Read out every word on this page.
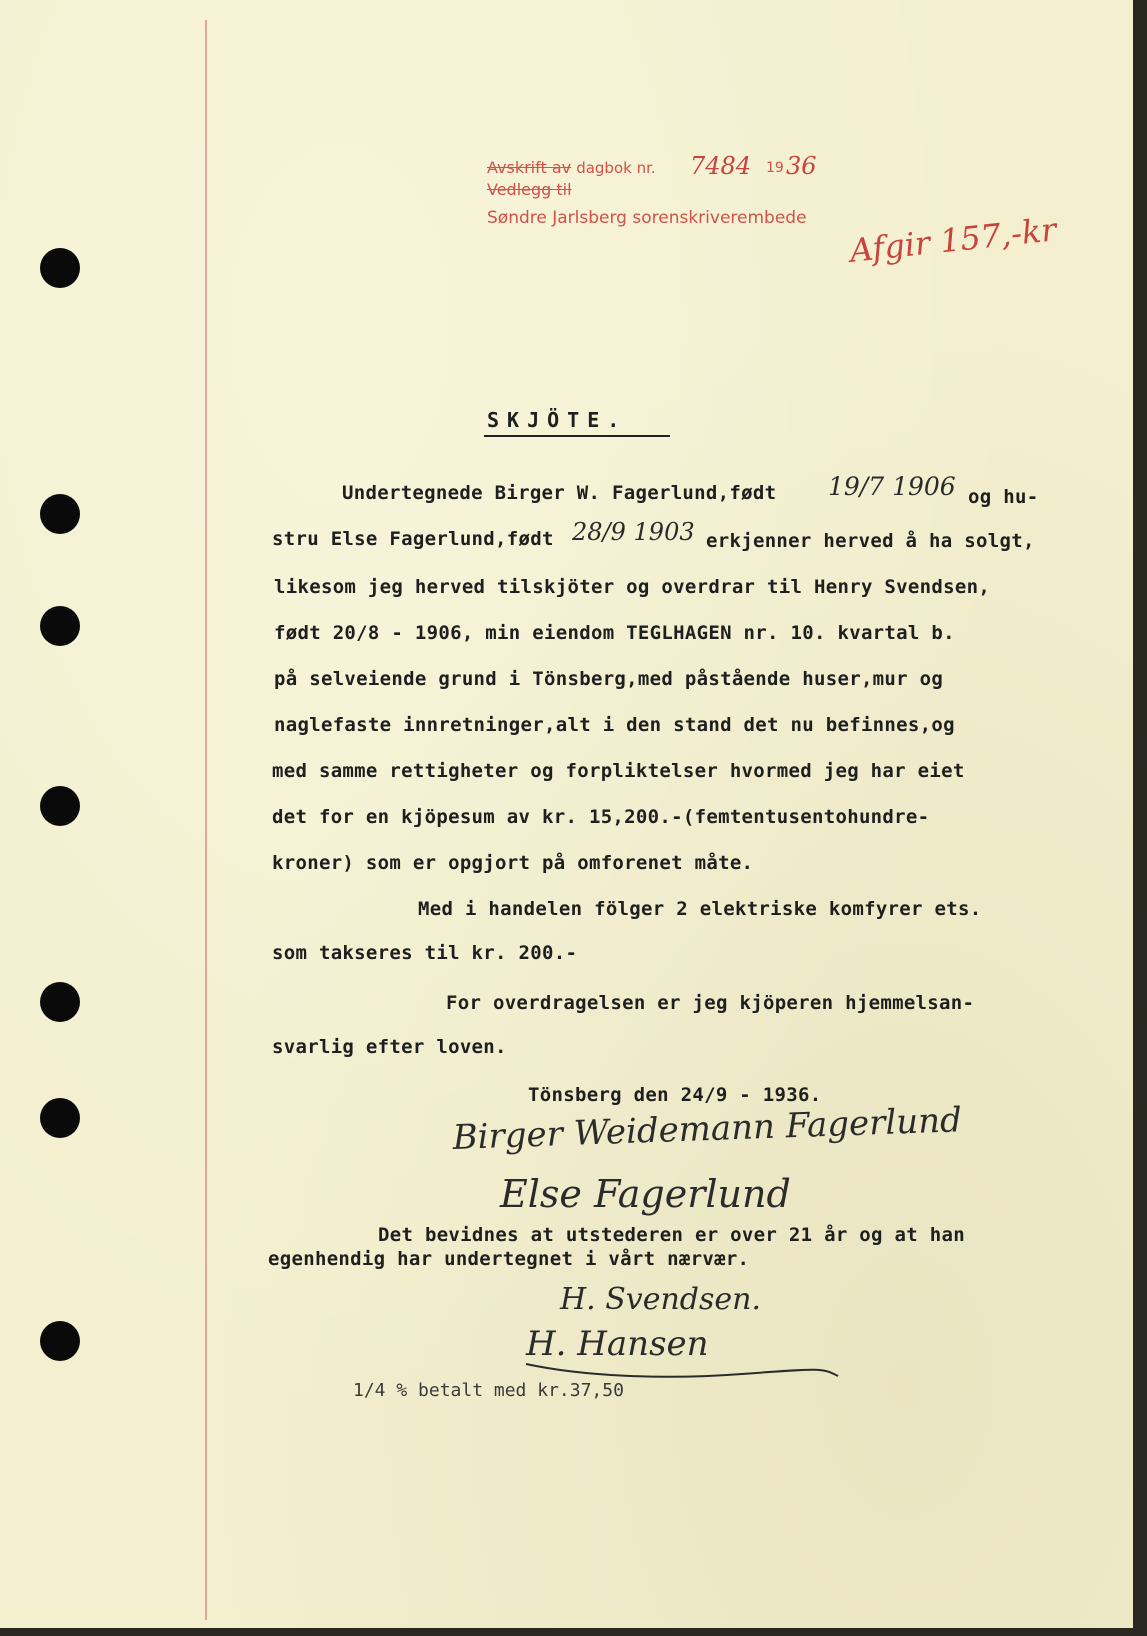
Avskrift av dagbok nr. 7484 19 36
Vedlegg til
Søndre Jarlsberg sorenskriverembede Afgir 157,-kr
SKJÖTE.
Undertegnede Birger W. Fagerlund,født 19/7 1906 og hu-
stru Else Fagerlund,født 28/9 1903 erkjenner herved å ha solgt,
likesom jeg herved tilskjöter og overdrar til Henry Svendsen,
født 20/8 - 1906, min eiendom TEGLHAGEN nr. 10. kvartal b.
på selveiende grund i Tönsberg,med påstående huser,mur og
naglefaste innretninger,alt i den stand det nu befinnes,og
med samme rettigheter og forpliktelser hvormed jeg har eiet
det for en kjöpesum av kr. 15,200.-(femtentusentohundre-
kroner) som er opgjort på omforenet måte.
Med i handelen fölger 2 elektriske komfyrer ets.
som takseres til kr. 200.-
For overdragelsen er jeg kjöperen hjemmelsan-
svarlig efter loven.
Tönsberg den 24/9 - 1936.
Birger Weidemann Fagerlund
Else Fagerlund
Det bevidnes at utstederen er over 21 år og at han
egenhendig har undertegnet i vårt nærvær.
H. Svendsen.
H. Hansen
1/4 % betalt med kr.37,50
